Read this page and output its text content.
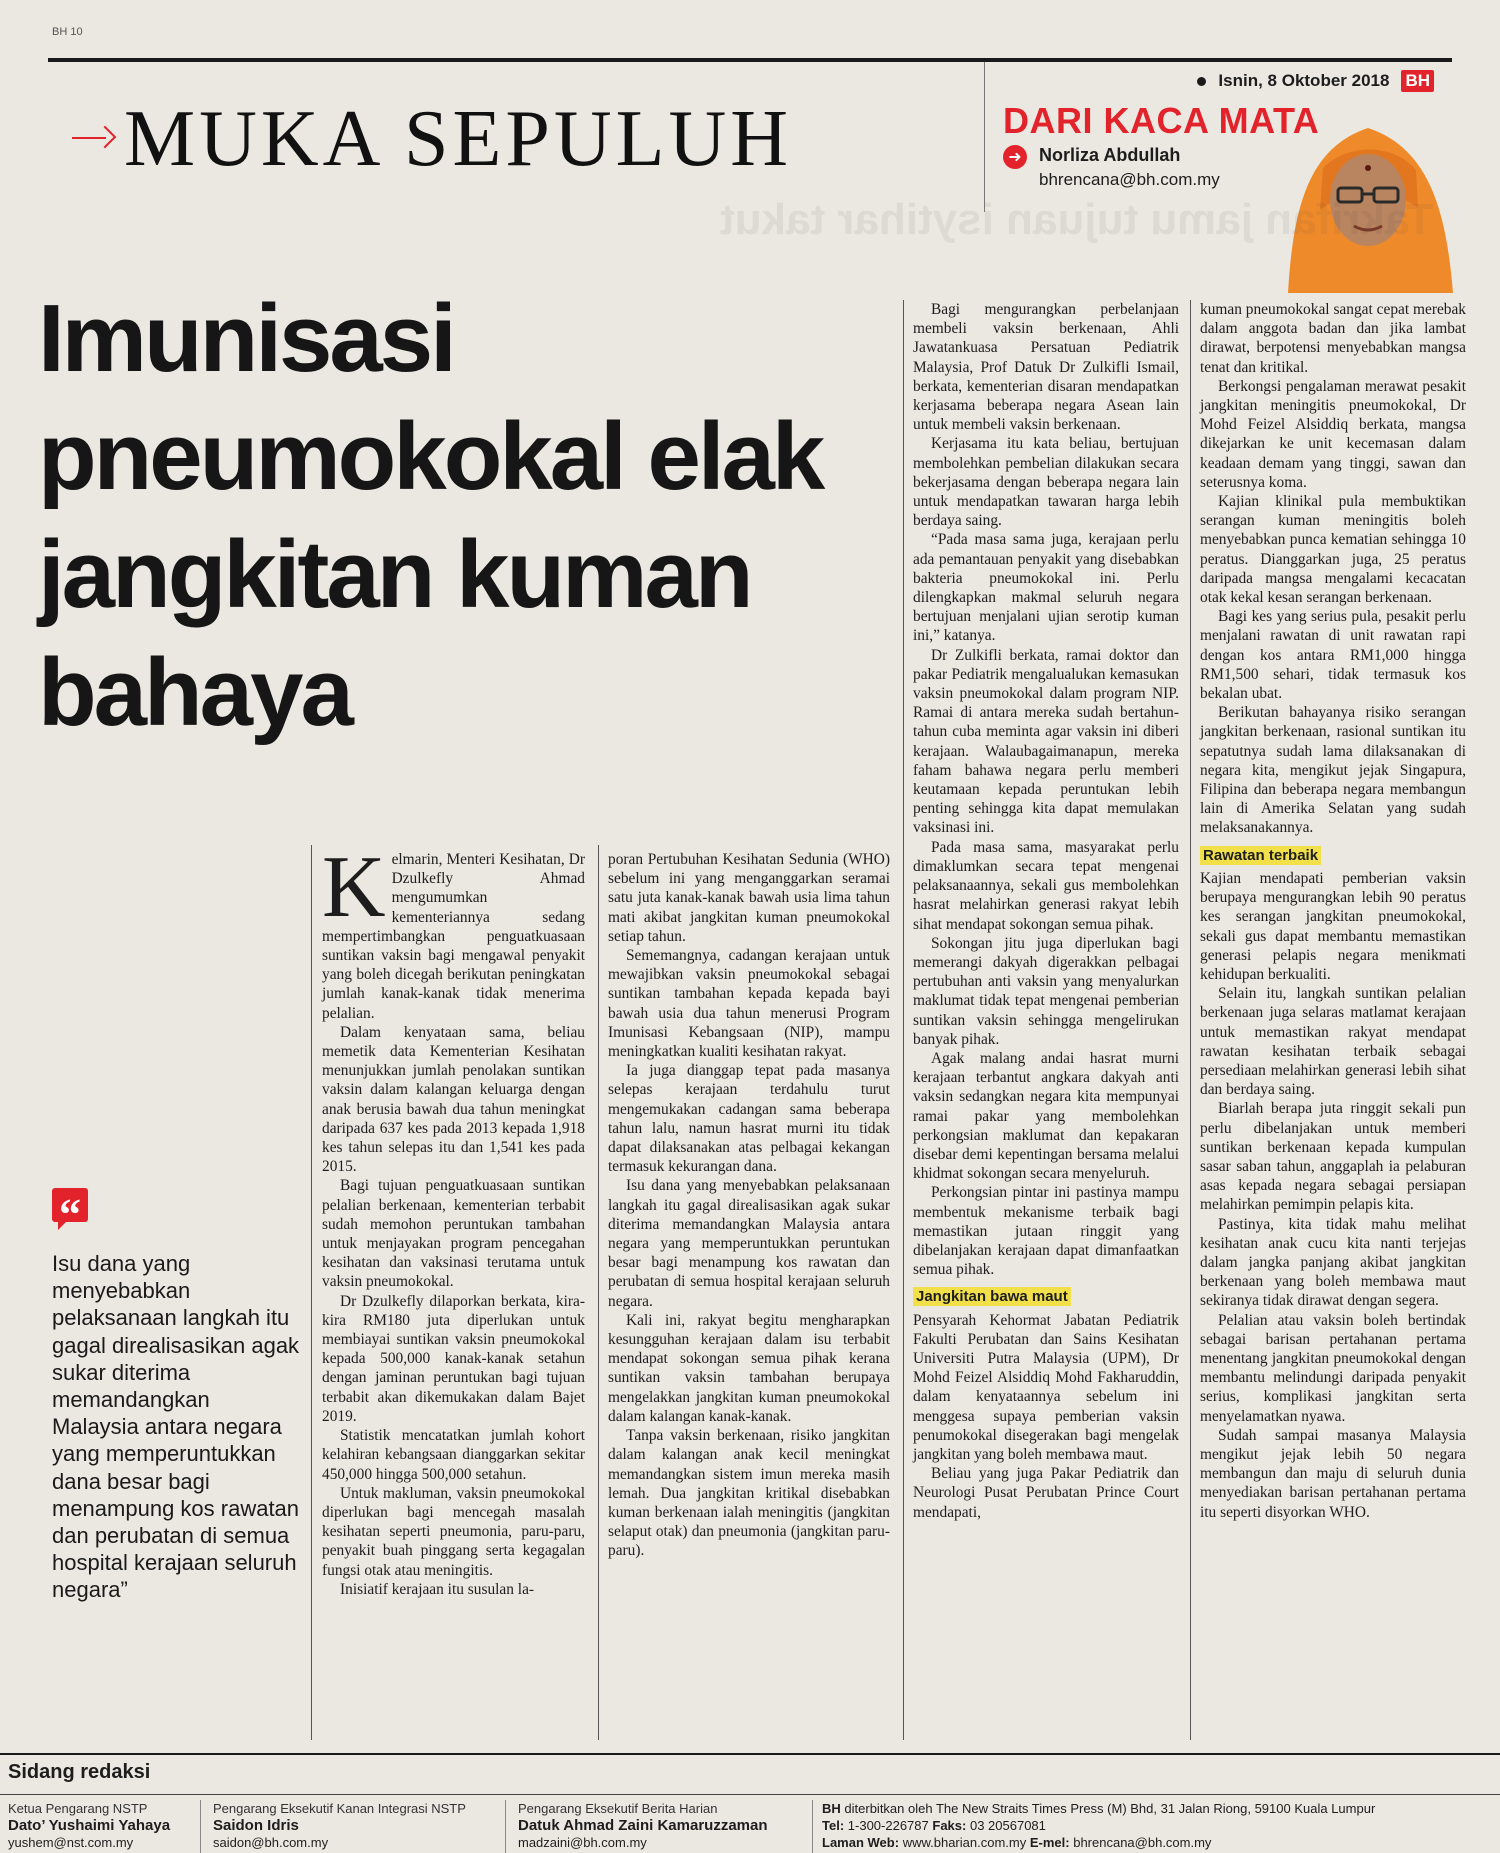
BH 10
Isnin, 8 Oktober 2018 BH
MUKA SEPULUH	DARI KACA MATA
➜ Norliza Abdullah
bhrencana@bh.com.my
Takrifan jamu tujuan isytihar takut
Imunisasi pneumokokal elak jangkitan kuman bahaya
“
Isu dana yang menyebabkan pelaksanaan langkah itu gagal direalisasikan agak sukar diterima memandangkan Malaysia antara negara yang memperuntukkan dana besar bagi menampung kos rawatan dan perubatan di semua hospital kerajaan seluruh negara”

Kelmarin, Menteri Kesihatan, Dr Dzulkefly Ahmad mengumumkan kementeriannya sedang mempertimbangkan penguatkuasaan suntikan vaksin bagi mengawal penyakit yang boleh dicegah berikutan peningkatan jumlah kanak-kanak tidak menerima pelalian.

Dalam kenyataan sama, beliau memetik data Kementerian Kesihatan menunjukkan jumlah penolakan suntikan vaksin dalam kalangan keluarga dengan anak berusia bawah dua tahun meningkat daripada 637 kes pada 2013 kepada 1,918 kes tahun selepas itu dan 1,541 kes pada 2015.

Bagi tujuan penguatkuasaan suntikan pelalian berkenaan, kementerian terbabit sudah memohon peruntukan tambahan untuk menjayakan program pencegahan kesihatan dan vaksinasi terutama untuk vaksin pneumokokal.

Dr Dzulkefly dilaporkan berkata, kira-kira RM180 juta diperlukan untuk membiayai suntikan vaksin pneumokokal kepada 500,000 kanak-kanak setahun dengan jaminan peruntukan bagi tujuan terbabit akan dikemukakan dalam Bajet 2019.

Statistik mencatatkan jumlah kohort kelahiran kebangsaan dianggarkan sekitar 450,000 hingga 500,000 setahun.

Untuk makluman, vaksin pneumokokal diperlukan bagi mencegah masalah kesihatan seperti pneumonia, paru-paru, penyakit buah pinggang serta kegagalan fungsi otak atau meningitis.

Inisiatif kerajaan itu susulan la-

poran Pertubuhan Kesihatan Sedunia (WHO) sebelum ini yang menganggarkan seramai satu juta kanak-kanak bawah usia lima tahun mati akibat jangkitan kuman pneumokokal setiap tahun.

Sememangnya, cadangan kerajaan untuk mewajibkan vaksin pneumokokal sebagai suntikan tambahan kepada kepada bayi bawah usia dua tahun menerusi Program Imunisasi Kebangsaan (NIP), mampu meningkatkan kualiti kesihatan rakyat.

Ia juga dianggap tepat pada masanya selepas kerajaan terdahulu turut mengemukakan cadangan sama beberapa tahun lalu, namun hasrat murni itu tidak dapat dilaksanakan atas pelbagai kekangan termasuk kekurangan dana.

Isu dana yang menyebabkan pelaksanaan langkah itu gagal direalisasikan agak sukar diterima memandangkan Malaysia antara negara yang memperuntukkan peruntukan besar bagi menampung kos rawatan dan perubatan di semua hospital kerajaan seluruh negara.

Kali ini, rakyat begitu mengharapkan kesungguhan kerajaan dalam isu terbabit mendapat sokongan semua pihak kerana suntikan vaksin tambahan berupaya mengelakkan jangkitan kuman pneumokokal dalam kalangan kanak-kanak.

Tanpa vaksin berkenaan, risiko jangkitan dalam kalangan anak kecil meningkat memandangkan sistem imun mereka masih lemah. Dua jangkitan kritikal disebabkan kuman berkenaan ialah meningitis (jangkitan selaput otak) dan pneumonia (jangkitan paru-paru).

Bagi mengurangkan perbelanjaan membeli vaksin berkenaan, Ahli Jawatankuasa Persatuan Pediatrik Malaysia, Prof Datuk Dr Zulkifli Ismail, berkata, kementerian disaran mendapatkan kerjasama beberapa negara Asean lain untuk membeli vaksin berkenaan.

Kerjasama itu kata beliau, bertujuan membolehkan pembelian dilakukan secara bekerjasama dengan beberapa negara lain untuk mendapatkan tawaran harga lebih berdaya saing.

“Pada masa sama juga, kerajaan perlu ada pemantauan penyakit yang disebabkan bakteria pneumokokal ini. Perlu dilengkapkan makmal seluruh negara bertujuan menjalani ujian serotip kuman ini,” katanya.

Dr Zulkifli berkata, ramai doktor dan pakar Pediatrik mengalualukan kemasukan vaksin pneumokokal dalam program NIP. Ramai di antara mereka sudah bertahun-tahun cuba meminta agar vaksin ini diberi kerajaan. Walaubagaimanapun, mereka faham bahawa negara perlu memberi keutamaan kepada peruntukan lebih penting sehingga kita dapat memulakan vaksinasi ini.

Pada masa sama, masyarakat perlu dimaklumkan secara tepat mengenai pelaksanaannya, sekali gus membolehkan hasrat melahirkan generasi rakyat lebih sihat mendapat sokongan semua pihak.

Sokongan jitu juga diperlukan bagi memerangi dakyah digerakkan pelbagai pertubuhan anti vaksin yang menyalurkan maklumat tidak tepat mengenai pemberian suntikan vaksin sehingga mengelirukan banyak pihak.

Agak malang andai hasrat murni kerajaan terbantut angkara dakyah anti vaksin sedangkan negara kita mempunyai ramai pakar yang membolehkan perkongsian maklumat dan kepakaran disebar demi kepentingan bersama melalui khidmat sokongan secara menyeluruh.

Perkongsian pintar ini pastinya mampu membentuk mekanisme terbaik bagi memastikan jutaan ringgit yang dibelanjakan kerajaan dapat dimanfaatkan semua pihak.

Jangkitan bawa maut

Pensyarah Kehormat Jabatan Pediatrik Fakulti Perubatan dan Sains Kesihatan Universiti Putra Malaysia (UPM), Dr Mohd Feizel Alsiddiq Mohd Fakharuddin, dalam kenyataannya sebelum ini menggesa supaya pemberian vaksin penumokokal disegerakan bagi mengelak jangkitan yang boleh membawa maut.

Beliau yang juga Pakar Pediatrik dan Neurologi Pusat Perubatan Prince Court mendapati,

kuman pneumokokal sangat cepat merebak dalam anggota badan dan jika lambat dirawat, berpotensi menyebabkan mangsa tenat dan kritikal.

Berkongsi pengalaman merawat pesakit jangkitan meningitis pneumokokal, Dr Mohd Feizel Alsiddiq berkata, mangsa dikejarkan ke unit kecemasan dalam keadaan demam yang tinggi, sawan dan seterusnya koma.

Kajian klinikal pula membuktikan serangan kuman meningitis boleh menyebabkan punca kematian sehingga 10 peratus. Dianggarkan juga, 25 peratus daripada mangsa mengalami kecacatan otak kekal kesan serangan berkenaan.

Bagi kes yang serius pula, pesakit perlu menjalani rawatan di unit rawatan rapi dengan kos antara RM1,000 hingga RM1,500 sehari, tidak termasuk kos bekalan ubat.

Berikutan bahayanya risiko serangan jangkitan berkenaan, rasional suntikan itu sepatutnya sudah lama dilaksanakan di negara kita, mengikut jejak Singapura, Filipina dan beberapa negara membangun lain di Amerika Selatan yang sudah melaksanakannya.

Rawatan terbaik

Kajian mendapati pemberian vaksin berupaya mengurangkan lebih 90 peratus kes serangan jangkitan pneumokokal, sekali gus dapat membantu memastikan generasi pelapis negara menikmati kehidupan berkualiti.

Selain itu, langkah suntikan pelalian berkenaan juga selaras matlamat kerajaan untuk memastikan rakyat mendapat rawatan kesihatan terbaik sebagai persediaan melahirkan generasi lebih sihat dan berdaya saing.

Biarlah berapa juta ringgit sekali pun perlu dibelanjakan untuk memberi suntikan berkenaan kepada kumpulan sasar saban tahun, anggaplah ia pelaburan asas kepada negara sebagai persiapan melahirkan pemimpin pelapis kita.

Pastinya, kita tidak mahu melihat kesihatan anak cucu kita nanti terjejas dalam jangka panjang akibat jangkitan berkenaan yang boleh membawa maut sekiranya tidak dirawat dengan segera.

Pelalian atau vaksin boleh bertindak sebagai barisan pertahanan pertama menentang jangkitan pneumokokal dengan membantu melindungi daripada penyakit serius, komplikasi jangkitan serta menyelamatkan nyawa.

Sudah sampai masanya Malaysia mengikut jejak lebih 50 negara membangun dan maju di seluruh dunia menyediakan barisan pertahanan pertama itu seperti disyorkan WHO.

Sidang redaksi
Ketua Pengarang NSTP
Dato’ Yushaimi Yahaya
yushem@nst.com.my
Pengarang Eksekutif Kanan Integrasi NSTP
Saidon Idris
saidon@bh.com.my
Pengarang Eksekutif Berita Harian
Datuk Ahmad Zaini Kamaruzzaman
madzaini@bh.com.my
BH diterbitkan oleh The New Straits Times Press (M) Bhd, 31 Jalan Riong, 59100 Kuala Lumpur
Tel: 1-300-226787 Faks: 03 20567081
Laman Web: www.bharian.com.my E-mel: bhrencana@bh.com.my
